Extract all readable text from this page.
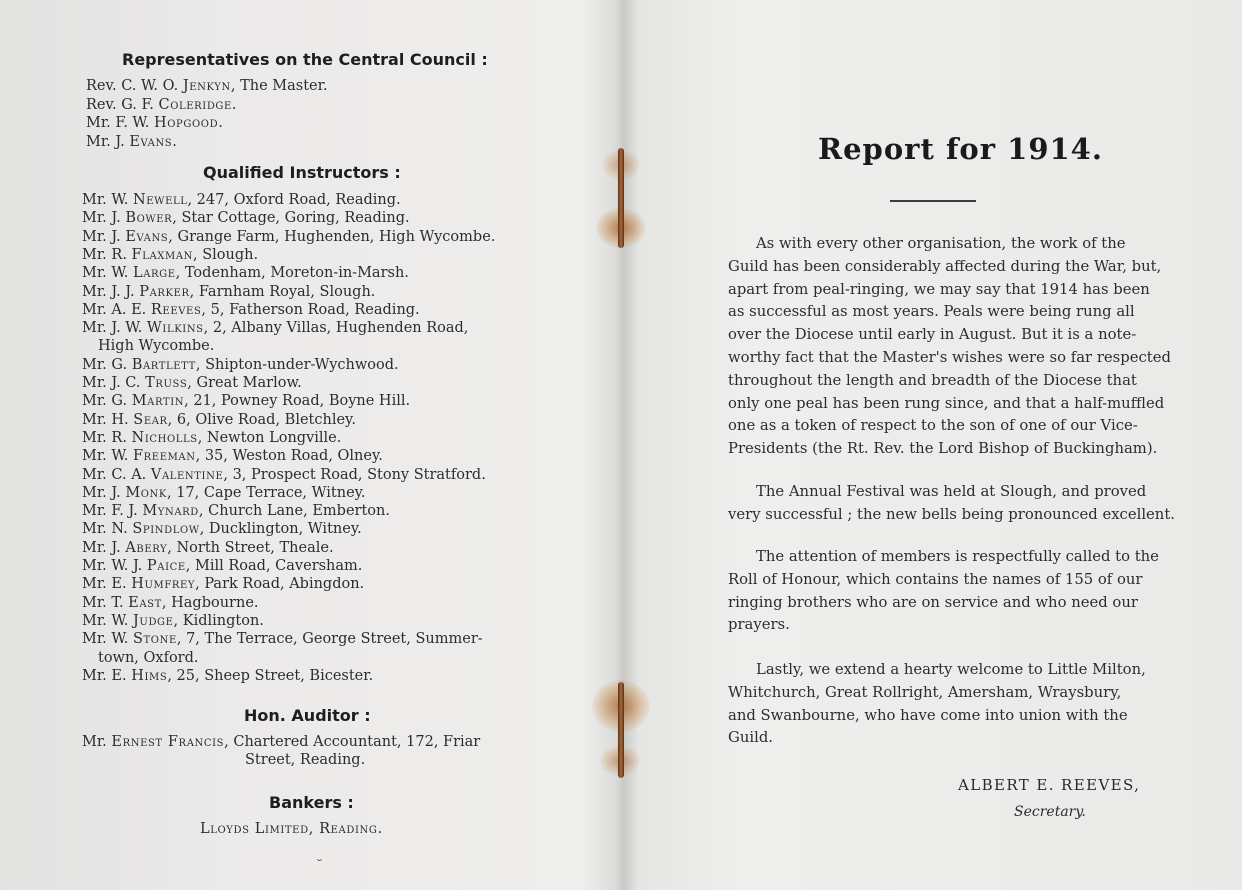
Representatives on the Central Council :
Rev. C. W. O. Jenkyn, The Master.
Rev. G. F. Coleridge.
Mr. F. W. Hopgood.
Mr. J. Evans.
Qualified Instructors :
Mr. W. Newell, 247, Oxford Road, Reading.
Mr. J. Bower, Star Cottage, Goring, Reading.
Mr. J. Evans, Grange Farm, Hughenden, High Wycombe.
Mr. R. Flaxman, Slough.
Mr. W. Large, Todenham, Moreton-in-Marsh.
Mr. J. J. Parker, Farnham Royal, Slough.
Mr. A. E. Reeves, 5, Fatherson Road, Reading.
Mr. J. W. Wilkins, 2, Albany Villas, Hughenden Road,
High Wycombe.
Mr. G. Bartlett, Shipton-under-Wychwood.
Mr. J. C. Truss, Great Marlow.
Mr. G. Martin, 21, Powney Road, Boyne Hill.
Mr. H. Sear, 6, Olive Road, Bletchley.
Mr. R. Nicholls, Newton Longville.
Mr. W. Freeman, 35, Weston Road, Olney.
Mr. C. A. Valentine, 3, Prospect Road, Stony Stratford.
Mr. J. Monk, 17, Cape Terrace, Witney.
Mr. F. J. Mynard, Church Lane, Emberton.
Mr. N. Spindlow, Ducklington, Witney.
Mr. J. Abery, North Street, Theale.
Mr. W. J. Paice, Mill Road, Caversham.
Mr. E. Humfrey, Park Road, Abingdon.
Mr. T. East, Hagbourne.
Mr. W. Judge, Kidlington.
Mr. W. Stone, 7, The Terrace, George Street, Summer-
town, Oxford.
Mr. E. Hims, 25, Sheep Street, Bicester.
Hon. Auditor :
Mr. Ernest Francis, Chartered Accountant, 172, Friar
Street, Reading.
Bankers :
Lloyds Limited, Reading.
˘
Report for 1914.
As with every other organisation, the work of the
Guild has been considerably affected during the War, but,
apart from peal-ringing, we may say that 1914 has been
as successful as most years. Peals were being rung all
over the Diocese until early in August. But it is a note-
worthy fact that the Master's wishes were so far respected
throughout the length and breadth of the Diocese that
only one peal has been rung since, and that a half-muffled
one as a token of respect to the son of one of our Vice-
Presidents (the Rt. Rev. the Lord Bishop of Buckingham).
The Annual Festival was held at Slough, and proved
very successful ; the new bells being pronounced excellent.
The attention of members is respectfully called to the
Roll of Honour, which contains the names of 155 of our
ringing brothers who are on service and who need our
prayers.
Lastly, we extend a hearty welcome to Little Milton,
Whitchurch, Great Rollright, Amersham, Wraysbury,
and Swanbourne, who have come into union with the
Guild.
ALBERT E. REEVES,
Secretary.
